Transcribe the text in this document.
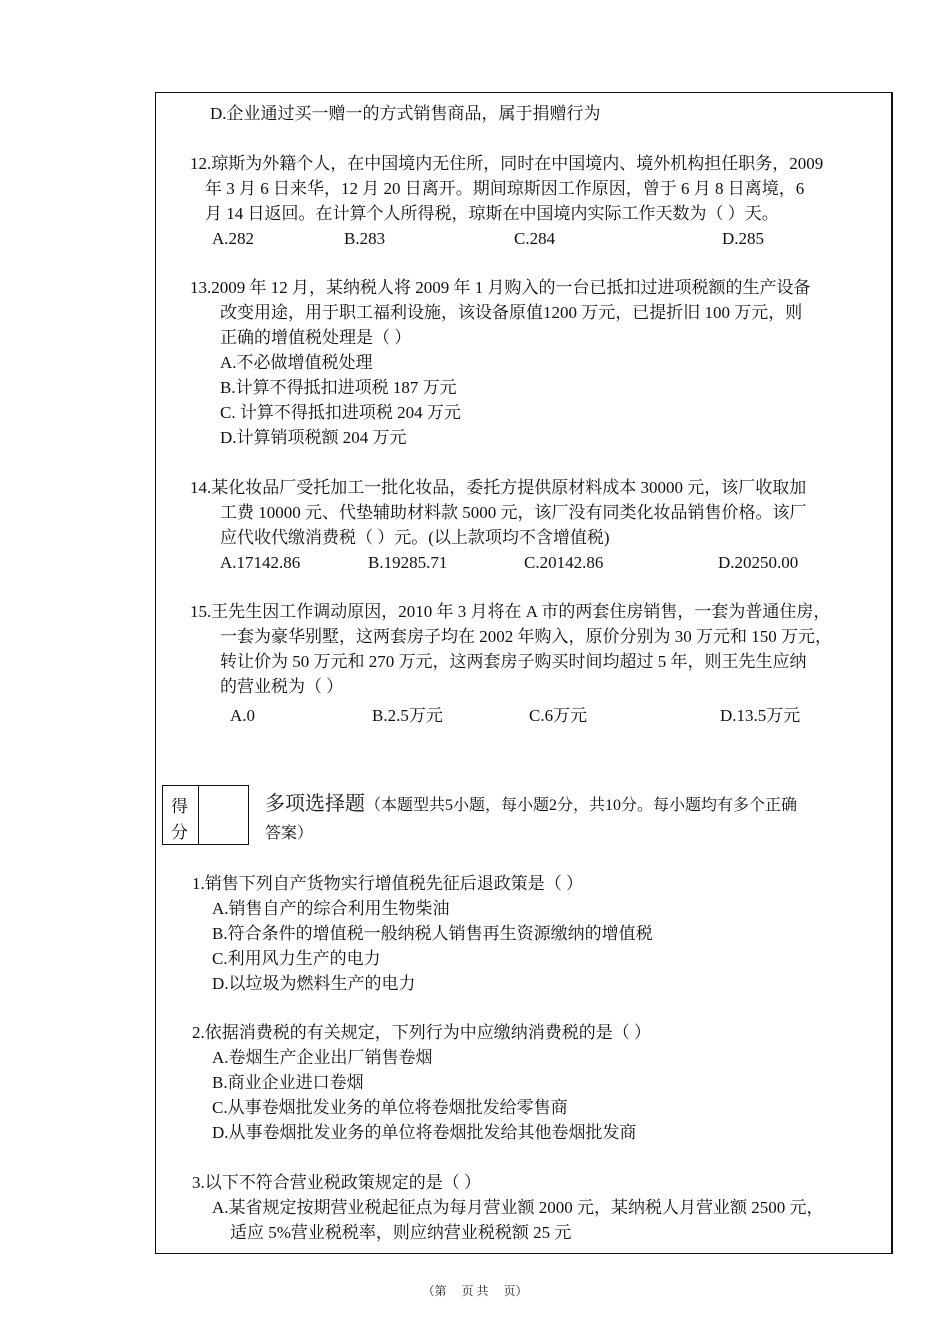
D.企业通过买一赠一的方式销售商品，属于捐赠行为
12.琼斯为外籍个人，在中国境内无住所，同时在中国境内、境外机构担任职务，2009
年 3 月 6 日来华，12 月 20 日离开。期间琼斯因工作原因，曾于 6 月 8 日离境，6
月 14 日返回。在计算个人所得税，琼斯在中国境内实际工作天数为（ ）天。
A.282	B.283	C.284	D.285
13.2009 年 12 月，某纳税人将 2009 年 1 月购入的一台已抵扣过进项税额的生产设备
改变用途，用于职工福利设施，该设备原值1200 万元，已提折旧 100 万元，则
正确的增值税处理是（ ）
A.不必做增值税处理
B.计算不得抵扣进项税 187 万元
C. 计算不得抵扣进项税 204 万元
D.计算销项税额 204 万元
14.某化妆品厂受托加工一批化妆品，委托方提供原材料成本 30000 元，该厂收取加
工费 10000 元、代垫辅助材料款 5000 元，该厂没有同类化妆品销售价格。该厂
应代收代缴消费税（ ）元。(以上款项均不含增值税)
A.17142.86	B.19285.71	C.20142.86	D.20250.00
15.王先生因工作调动原因，2010 年 3 月将在 A 市的两套住房销售，一套为普通住房，
一套为豪华别墅，这两套房子均在 2002 年购入，原价分别为 30 万元和 150 万元，
转让价为 50 万元和 270 万元，这两套房子购买时间均超过 5 年，则王先生应纳
的营业税为（ ）
A.0	B.2.5万元	C.6万元	D.13.5万元
得
分
多项选择题（本题型共5小题，每小题2分，共10分。每小题均有多个正确
答案）
1.销售下列自产货物实行增值税先征后退政策是（ ）
A.销售自产的综合利用生物柴油
B.符合条件的增值税一般纳税人销售再生资源缴纳的增值税
C.利用风力生产的电力
D.以垃圾为燃料生产的电力
2.依据消费税的有关规定，下列行为中应缴纳消费税的是（ ）
A.卷烟生产企业出厂销售卷烟
B.商业企业进口卷烟
C.从事卷烟批发业务的单位将卷烟批发给零售商
D.从事卷烟批发业务的单位将卷烟批发给其他卷烟批发商
3.以下不符合营业税政策规定的是（ ）
A.某省规定按期营业税起征点为每月营业额 2000 元，某纳税人月营业额 2500 元，
适应 5%营业税税率，则应纳营业税税额 25 元
（第 页 共 页）
